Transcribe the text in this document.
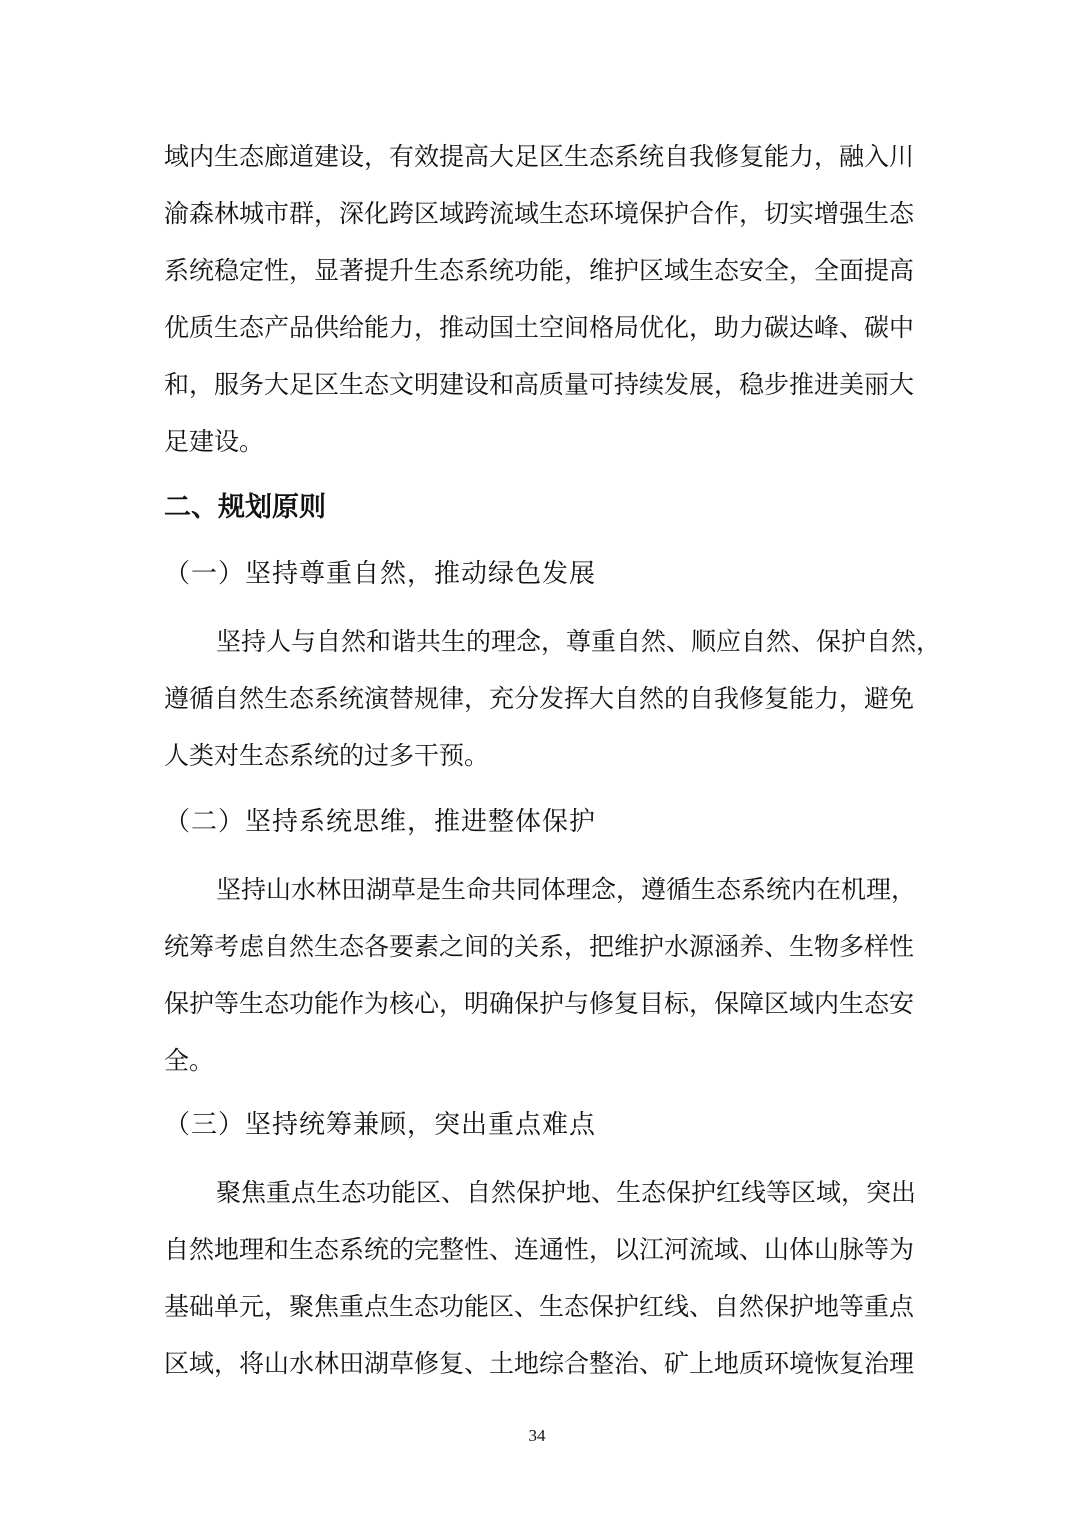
域内生态廊道建设，有效提高大足区生态系统自我修复能力，融入川
渝森林城市群，深化跨区域跨流域生态环境保护合作，切实增强生态
系统稳定性，显著提升生态系统功能，维护区域生态安全，全面提高
优质生态产品供给能力，推动国土空间格局优化，助力碳达峰、碳中
和，服务大足区生态文明建设和高质量可持续发展，稳步推进美丽大
足建设。
二、规划原则
（一）坚持尊重自然，推动绿色发展
坚持人与自然和谐共生的理念，尊重自然、顺应自然、保护自然，
遵循自然生态系统演替规律，充分发挥大自然的自我修复能力，避免
人类对生态系统的过多干预。
（二）坚持系统思维，推进整体保护
坚持山水林田湖草是生命共同体理念，遵循生态系统内在机理，
统筹考虑自然生态各要素之间的关系，把维护水源涵养、生物多样性
保护等生态功能作为核心，明确保护与修复目标，保障区域内生态安
全。
（三）坚持统筹兼顾，突出重点难点
聚焦重点生态功能区、自然保护地、生态保护红线等区域，突出
自然地理和生态系统的完整性、连通性，以江河流域、山体山脉等为
基础单元，聚焦重点生态功能区、生态保护红线、自然保护地等重点
区域，将山水林田湖草修复、土地综合整治、矿上地质环境恢复治理
34
